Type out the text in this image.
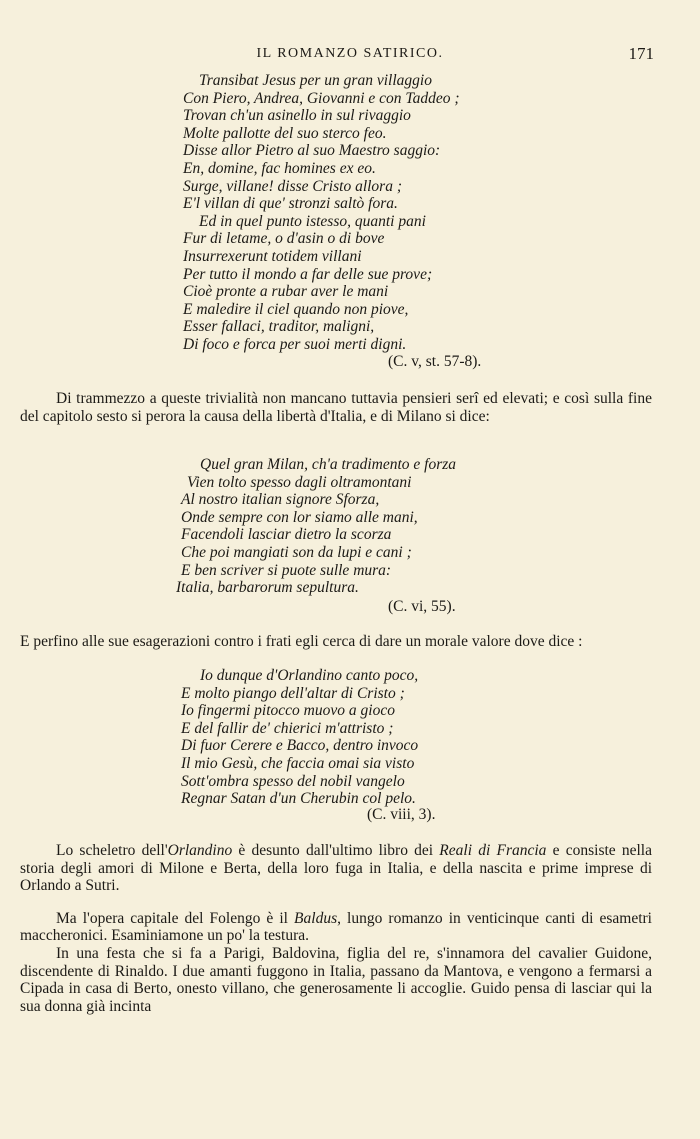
IL ROMANZO SATIRICO.	171
Transibat Jesus per un gran villaggio
Con Piero, Andrea, Giovanni e con Taddeo ;
Trovan ch'un asinello in sul rivaggio
Molte pallotte del suo sterco feo.
Disse allor Pietro al suo Maestro saggio:
En, domine, fac homines ex eo.
Surge, villane! disse Cristo allora ;
E'l villan di que' stronzi saltò fora.
Ed in quel punto istesso, quanti pani
Fur di letame, o d'asin o di bove
Insurrexerunt totidem villani
Per tutto il mondo a far delle sue prove;
Cioè pronte a rubar aver le mani
E maledire il ciel quando non piove,
Esser fallaci, traditor, maligni,
Di foco e forca per suoi merti digni.
(C. v, st. 57-8).

Di trammezzo a queste trivialità non mancano tuttavia pensieri serî ed elevati; e così sulla fine del capitolo sesto si perora la causa della libertà d'Italia, e di Milano si dice:

Quel gran Milan, ch'a tradimento e forza
Vien tolto spesso dagli oltramontani
Al nostro italian signore Sforza,
Onde sempre con lor siamo alle mani,
Facendoli lasciar dietro la scorza
Che poi mangiati son da lupi e cani ;
E ben scriver si puote sulle mura:
Italia, barbarorum sepultura.
(C. vi, 55).

E perfino alle sue esagerazioni contro i frati egli cerca di dare un morale valore dove dice :

Io dunque d'Orlandino canto poco,
E molto piango dell'altar di Cristo ;
Io fingermi pitocco muovo a gioco
E del fallir de' chierici m'attristo ;
Di fuor Cerere e Bacco, dentro invoco
Il mio Gesù, che faccia omai sia visto
Sott'ombra spesso del nobil vangelo
Regnar Satan d'un Cherubin col pelo.
(C. viii, 3).

Lo scheletro dell'Orlandino è desunto dall'ultimo libro dei Reali di Francia e consiste nella storia degli amori di Milone e Berta, della loro fuga in Italia, e della nascita e prime imprese di Orlando a Sutri.

Ma l'opera capitale del Folengo è il Baldus, lungo romanzo in venticinque canti di esametri maccheronici. Esaminiamone un po' la testura.

In una festa che si fa a Parigi, Baldovina, figlia del re, s'innamora del cavalier Guidone, discendente di Rinaldo. I due amanti fuggono in Italia, passano da Mantova, e vengono a fermarsi a Cipada in casa di Berto, onesto villano, che generosamente li accoglie. Guido pensa di lasciar qui la sua donna già incinta
